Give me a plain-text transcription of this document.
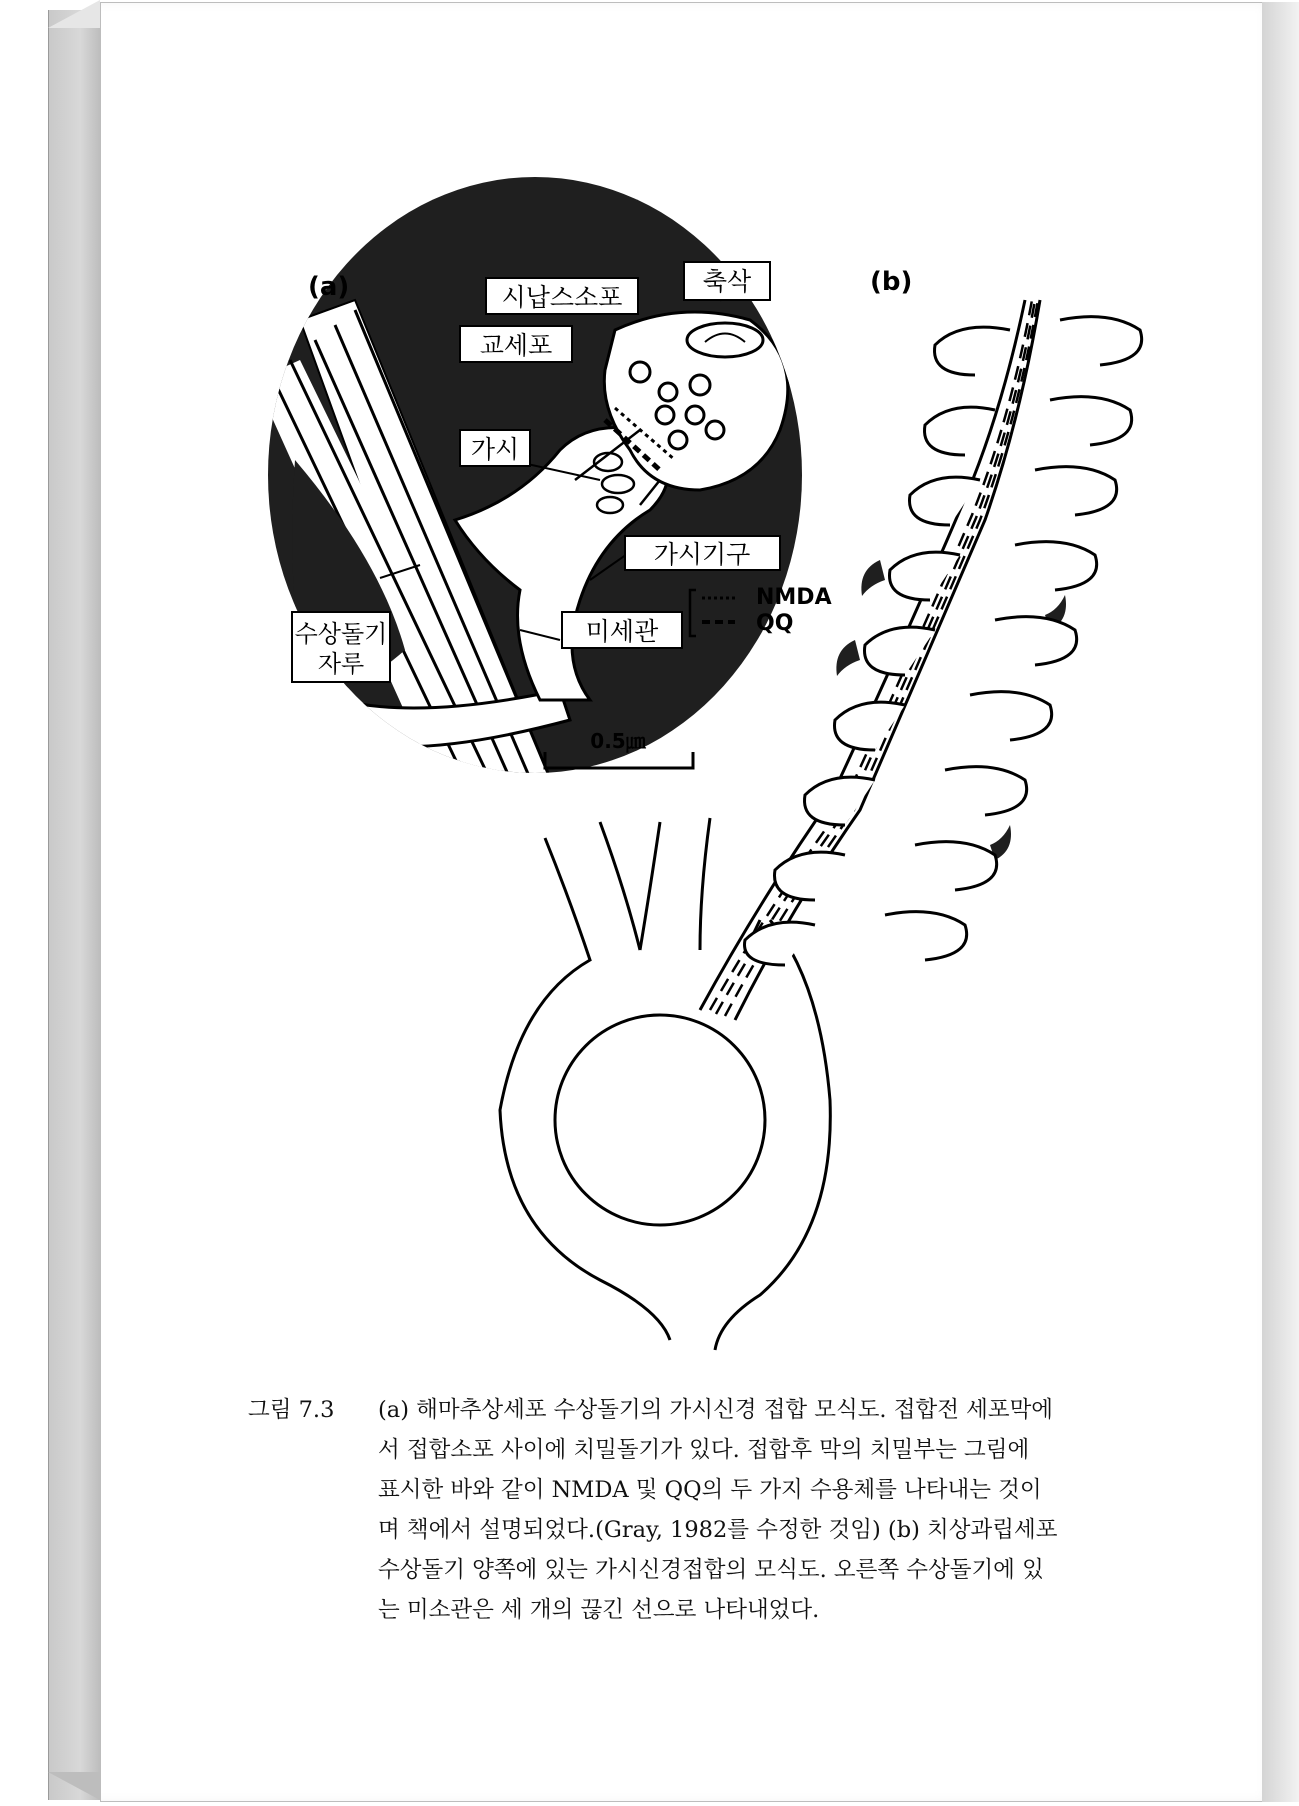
시납스소포
축삭
교세포
가시
가시기구
수상돌기
자루
미세관
NMDA
QQ
0.5㎛
(a)	(b)
그림 7.3 (a) 해마추상세포 수상돌기의 가시신경 접합 모식도. 접합전 세포막에
서 접합소포 사이에 치밀돌기가 있다. 접합후 막의 치밀부는 그림에
표시한 바와 같이 NMDA 및 QQ의 두 가지 수용체를 나타내는 것이
며 책에서 설명되었다.(Gray, 1982를 수정한 것임) (b) 치상과립세포
수상돌기 양쪽에 있는 가시신경접합의 모식도. 오른쪽 수상돌기에 있
는 미소관은 세 개의 끊긴 선으로 나타내었다.
